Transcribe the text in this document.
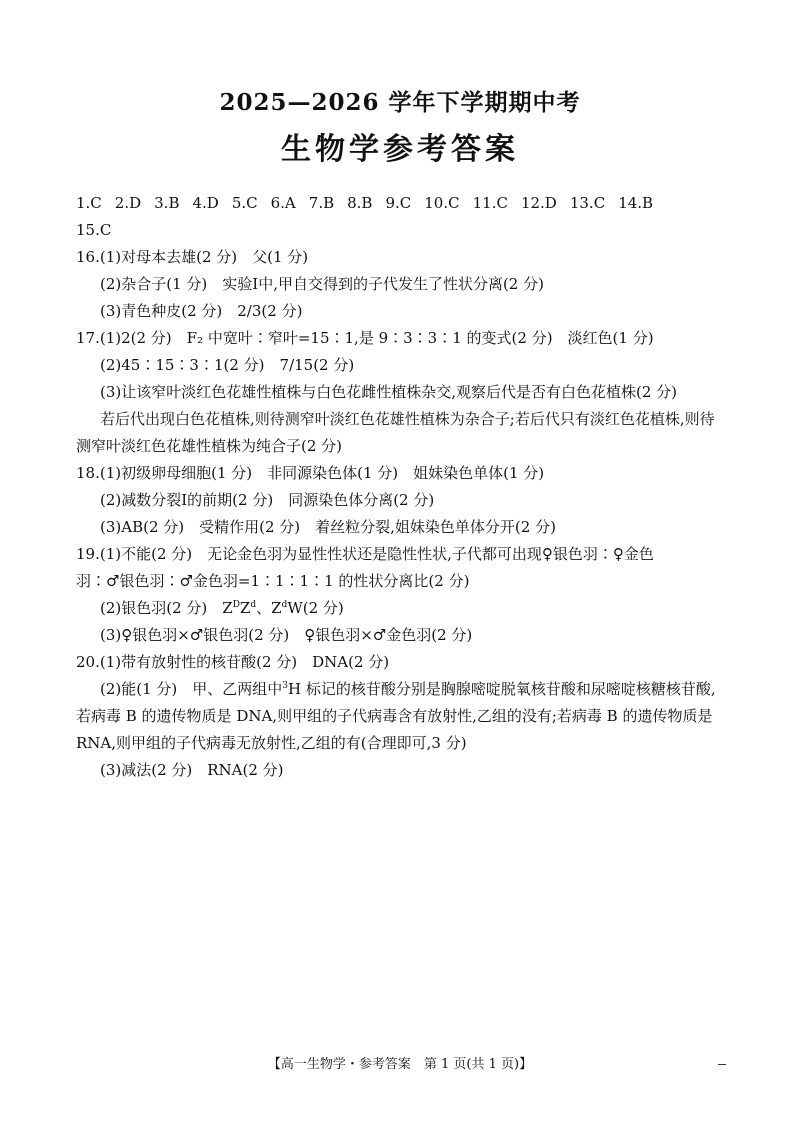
2025—2026 学年下学期期中考
生物学参考答案
1.C 2.D 3.B 4.D 5.C 6.A 7.B 8.B 9.C 10.C 11.C 12.D 13.C 14.B
15.C
16.(1)对母本去雄(2 分)　父(1 分)
(2)杂合子(1 分)　实验Ⅰ中,甲自交得到的子代发生了性状分离(2 分)
(3)青色种皮(2 分)　2/3(2 分)
17.(1)2(2 分)　F₂ 中宽叶∶窄叶=15∶1,是 9∶3∶3∶1 的变式(2 分)　淡红色(1 分)
(2)45∶15∶3∶1(2 分)　7/15(2 分)
(3)让该窄叶淡红色花雄性植株与白色花雌性植株杂交,观察后代是否有白色花植株(2 分)
若后代出现白色花植株,则待测窄叶淡红色花雄性植株为杂合子;若后代只有淡红色花植株,则待测窄叶淡红色花雄性植株为纯合子(2 分)
18.(1)初级卵母细胞(1 分)　非同源染色体(1 分)　姐妹染色单体(1 分)
(2)减数分裂Ⅰ的前期(2 分)　同源染色体分离(2 分)
(3)AB(2 分)　受精作用(2 分)　着丝粒分裂,姐妹染色单体分开(2 分)
19.(1)不能(2 分)　无论金色羽为显性性状还是隐性性状,子代都可出现♀银色羽∶♀金色
羽∶♂银色羽∶♂金色羽=1∶1∶1∶1 的性状分离比(2 分)
(2)银色羽(2 分)　$Z^DZ^d$、$Z^dW(2$ 分)
(3)♀银色羽×♂银色羽(2 分)　♀银色羽×♂金色羽(2 分)
20.(1)带有放射性的核苷酸(2 分)　DNA(2 分)
(2)能(1 分)　甲、乙两组中$^3$H 标记的核苷酸分别是胸腺嘧啶脱氧核苷酸和尿嘧啶核糖核苷酸,若病毒 B 的遗传物质是 DNA,则甲组的子代病毒含有放射性,乙组的没有;若病毒 B 的遗传物质是 RNA,则甲组的子代病毒无放射性,乙组的有(合理即可,3 分)
(3)减法(2 分)　RNA(2 分)
【高一生物学・参考答案　第 1 页(共 1 页)】
